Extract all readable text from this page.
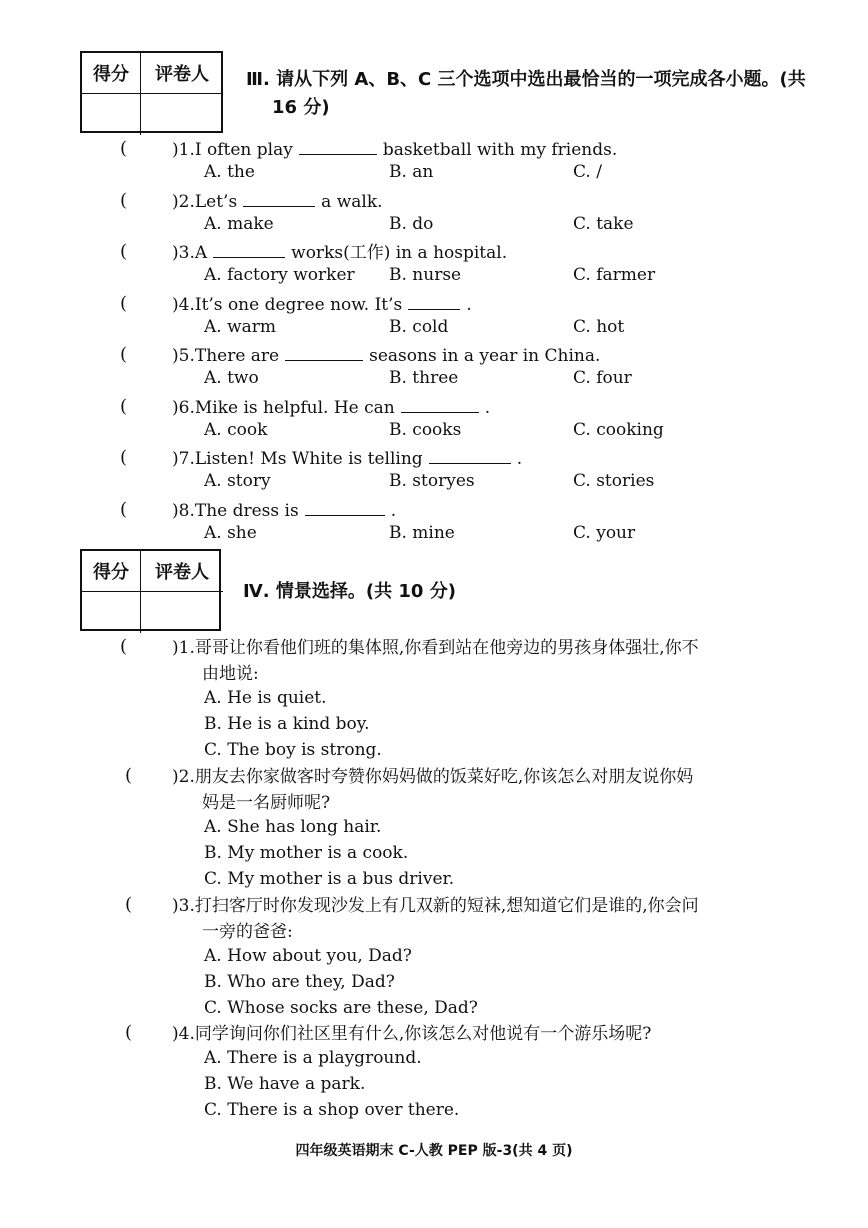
得分	评卷人	Ⅲ. 请从下列 A、B、C 三个选项中选出最恰当的一项完成各小题。(共
16 分)
(	)1.I often play	basketball with my friends.
A. the	B. an	C. /
(	)2.Let’s	a walk.
A. make	B. do	C. take
(	)3.A	works(工作) in a hospital.
A. factory worker B. nurse	C. farmer
(	)4.It’s one degree now. It’s	.
A. warm	B. cold	C. hot
(	)5.There are	seasons in a year in China.
A. two	B. three	C. four
(	)6.Mike is helpful. He can	.
A. cook	B. cooks	C. cooking
(	)7.Listen! Ms White is telling	.
A. story	B. storyes	C. stories
(	)8.The dress is	.
A. she	B. mine	C. your
得分	评卷人
Ⅳ. 情景选择。(共 10 分)
(	)1.哥哥让你看他们班的集体照,你看到站在他旁边的男孩身体强壮,你不
由地说:
A. He is quiet.
B. He is a kind boy.
C. The boy is strong.
( )2.朋友去你家做客时夸赞你妈妈做的饭菜好吃,你该怎么对朋友说你妈
妈是一名厨师呢?
A. She has long hair.
B. My mother is a cook.
C. My mother is a bus driver.
( )3.打扫客厅时你发现沙发上有几双新的短袜,想知道它们是谁的,你会问
一旁的爸爸:
A. How about you, Dad?
B. Who are they, Dad?
C. Whose socks are these, Dad?
( )4.同学询问你们社区里有什么,你该怎么对他说有一个游乐场呢?
A. There is a playground.
B. We have a park.
C. There is a shop over there.
四年级英语期末 C-人教 PEP 版-3(共 4 页)
